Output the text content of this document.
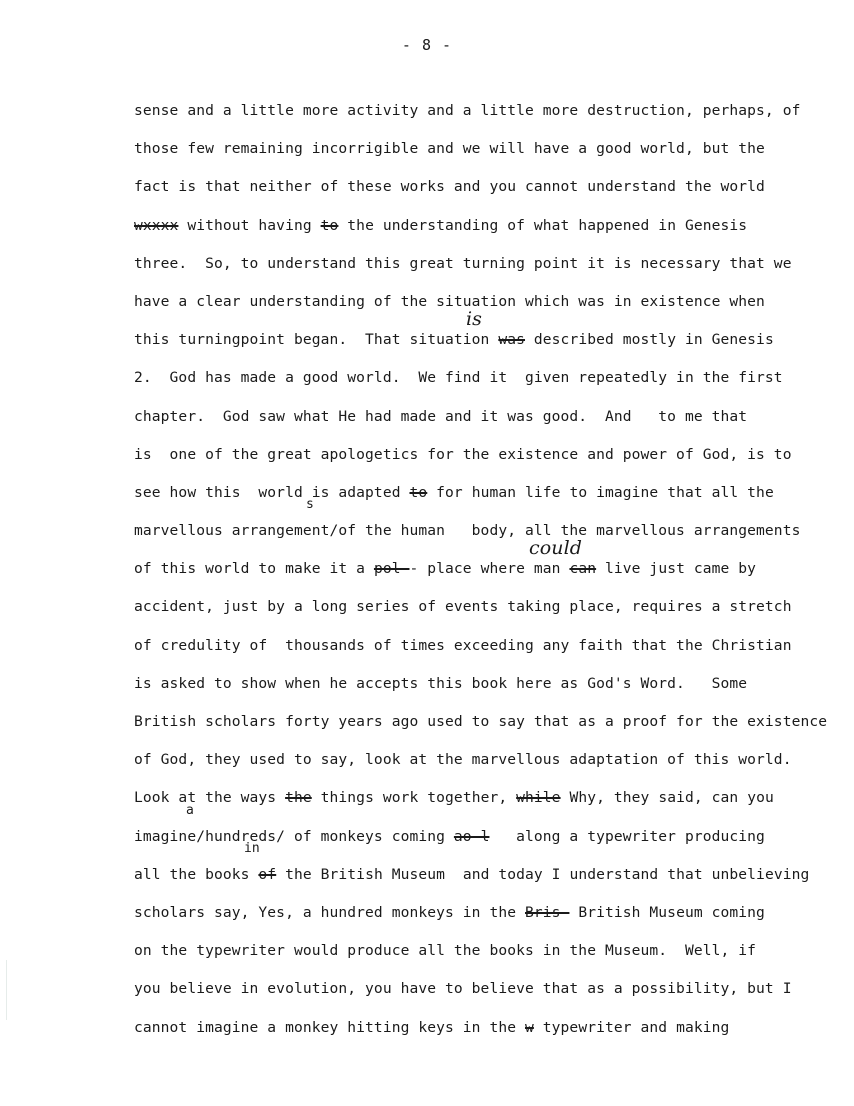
- 8 -
sense and a little more activity and a little more destruction, perhaps, of
those few remaining incorrigible and we will have a good world, but the
fact is that neither of these works and you cannot understand the world
wxxxx without having to the understanding of what happened in Genesis
three.  So, to understand this great turning point it is necessary that we
have a clear understanding of the situation which was in existence when
this turningpoint began.  That situation was described mostly in Genesis
is
2.  God has made a good world.  We find it  given repeatedly in the first
chapter.  God saw what He had made and it was good.  And   to me that
is  one of the great apologetics for the existence and power of God, is to
see how this  world is adapted to for human life to imagine that all the
marvellous arrangement/of the human   body, all the marvellous arrangements
s
of this world to make it a pol-- place where man can live just came by
could
accident, just by a long series of events taking place, requires a stretch
of credulity of  thousands of times exceeding any faith that the Christian
is asked to show when he accepts this book here as God's Word.   Some
British scholars forty years ago used to say that as a proof for the existence
of God, they used to say, look at the marvellous adaptation of this world.
Look at the ways the things work together, while Why, they said, can you
imagine/hundreds/ of monkeys coming ao-l   along a typewriter producing
a
all the books of the British Museum  and today I understand that unbelieving
in
scholars say, Yes, a hundred monkeys in the Bris- British Museum coming
on the typewriter would produce all the books in the Museum.  Well, if
you believe in evolution, you have to believe that as a possibility, but I
cannot imagine a monkey hitting keys in the w typewriter and making
